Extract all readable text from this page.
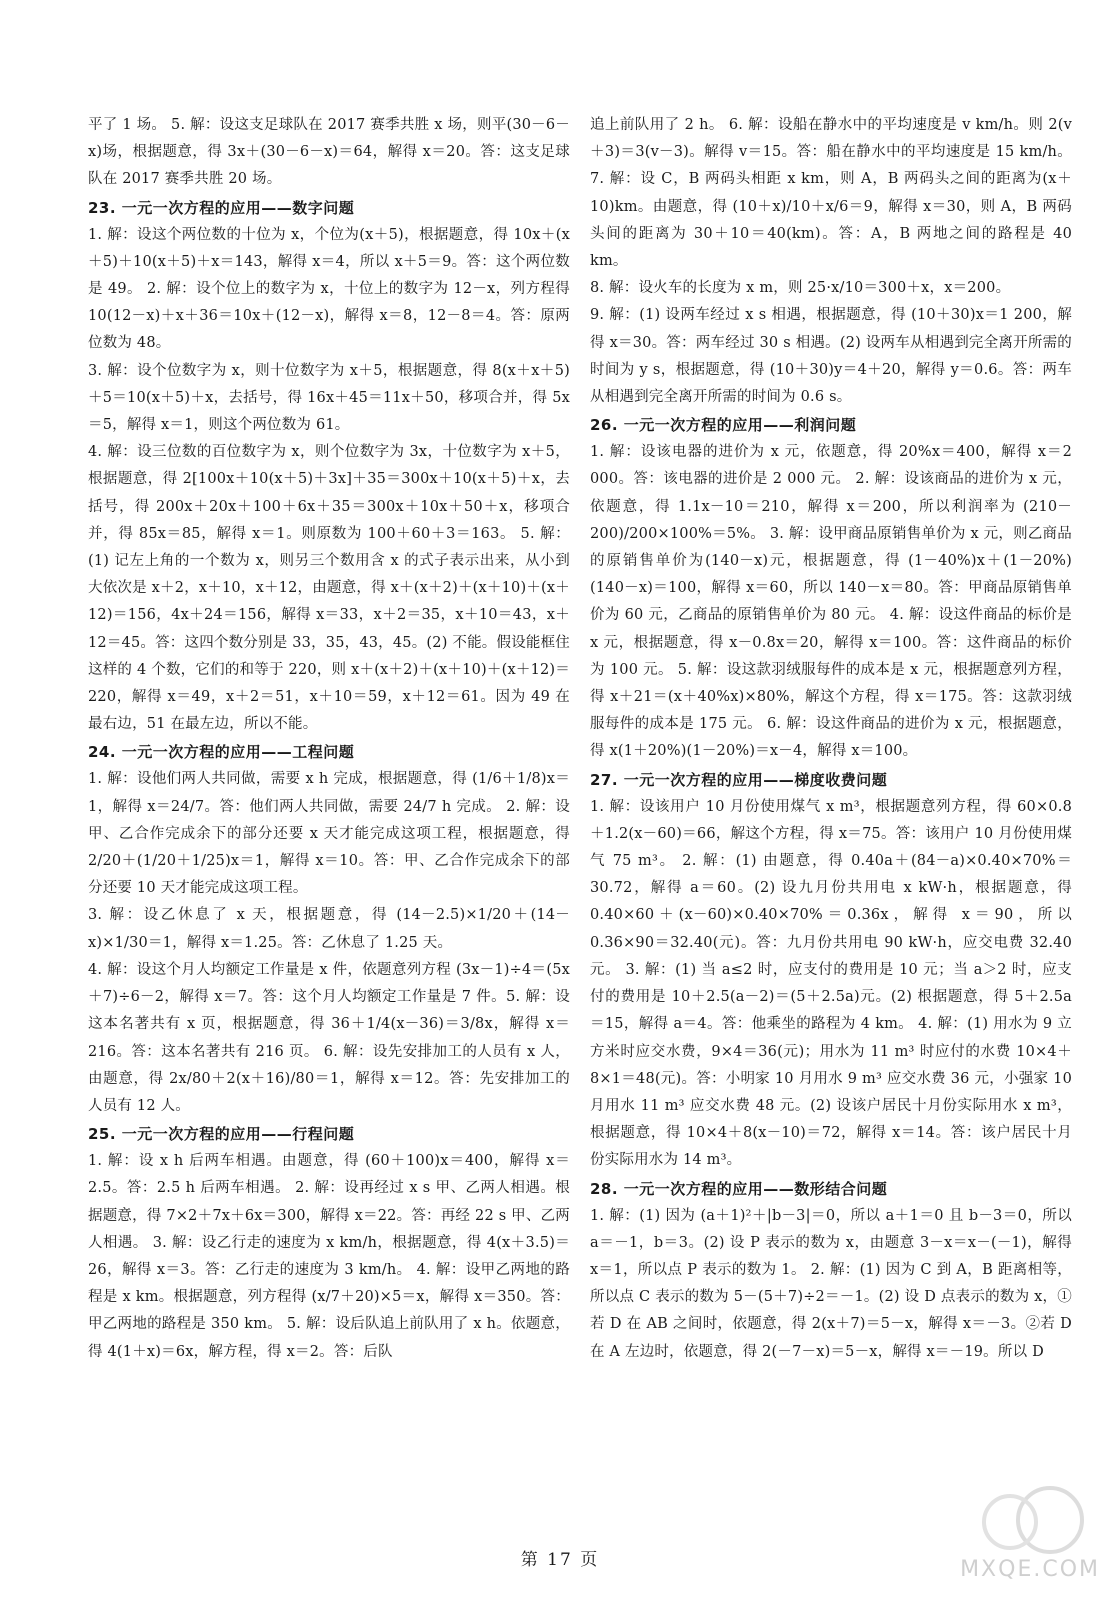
平了 1 场。 5. 解：设这支足球队在 2017 赛季共胜 x 场，则平(30－6－x)场，根据题意，得 3x＋(30－6－x)＝64，解得 x＝20。答：这支足球队在 2017 赛季共胜 20 场。

23. 一元一次方程的应用——数字问题

1. 解：设这个两位数的十位为 x，个位为(x＋5)，根据题意，得 10x＋(x＋5)＋10(x＋5)＋x＝143，解得 x＝4，所以 x＋5＝9。答：这个两位数是 49。 2. 解：设个位上的数字为 x，十位上的数字为 12－x，列方程得 10(12－x)＋x＋36＝10x＋(12－x)，解得 x＝8，12－8＝4。答：原两位数为 48。

3. 解：设个位数字为 x，则十位数字为 x＋5，根据题意，得 8(x＋x＋5)＋5＝10(x＋5)＋x，去括号，得 16x＋45＝11x＋50，移项合并，得 5x＝5，解得 x＝1，则这个两位数为 61。

4. 解：设三位数的百位数字为 x，则个位数字为 3x，十位数字为 x＋5，根据题意，得 2[100x＋10(x＋5)＋3x]＋35＝300x＋10(x＋5)＋x，去括号，得 200x＋20x＋100＋6x＋35＝300x＋10x＋50＋x，移项合并，得 85x＝85，解得 x＝1。则原数为 100＋60＋3＝163。 5. 解：(1) 记左上角的一个数为 x，则另三个数用含 x 的式子表示出来，从小到大依次是 x＋2，x＋10，x＋12，由题意，得 x＋(x＋2)＋(x＋10)＋(x＋12)＝156，4x＋24＝156，解得 x＝33，x＋2＝35，x＋10＝43，x＋12＝45。答：这四个数分别是 33，35，43，45。(2) 不能。假设能框住这样的 4 个数，它们的和等于 220，则 x＋(x＋2)＋(x＋10)＋(x＋12)＝220，解得 x＝49，x＋2＝51，x＋10＝59，x＋12＝61。因为 49 在最右边，51 在最左边，所以不能。

24. 一元一次方程的应用——工程问题

1. 解：设他们两人共同做，需要 x h 完成，根据题意，得 (1/6＋1/8)x＝1，解得 x＝24/7。答：他们两人共同做，需要 24/7 h 完成。 2. 解：设甲、乙合作完成余下的部分还要 x 天才能完成这项工程，根据题意，得 2/20＋(1/20＋1/25)x＝1，解得 x＝10。答：甲、乙合作完成余下的部分还要 10 天才能完成这项工程。

3. 解：设乙休息了 x 天，根据题意，得 (14－2.5)×1/20＋(14－x)×1/30＝1，解得 x＝1.25。答：乙休息了 1.25 天。

4. 解：设这个月人均额定工作量是 x 件，依题意列方程 (3x－1)÷4＝(5x＋7)÷6－2，解得 x＝7。答：这个月人均额定工作量是 7 件。5. 解：设这本名著共有 x 页，根据题意，得 36＋1/4(x－36)＝3/8x，解得 x＝216。答：这本名著共有 216 页。 6. 解：设先安排加工的人员有 x 人，由题意，得 2x/80＋2(x＋16)/80＝1，解得 x＝12。答：先安排加工的人员有 12 人。

25. 一元一次方程的应用——行程问题

1. 解：设 x h 后两车相遇。由题意，得 (60＋100)x＝400，解得 x＝2.5。答：2.5 h 后两车相遇。 2. 解：设再经过 x s 甲、乙两人相遇。根据题意，得 7×2＋7x＋6x＝300，解得 x＝22。答：再经 22 s 甲、乙两人相遇。 3. 解：设乙行走的速度为 x km/h，根据题意，得 4(x＋3.5)＝26，解得 x＝3。答：乙行走的速度为 3 km/h。 4. 解：设甲乙两地的路程是 x km。根据题意，列方程得 (x/7＋20)×5＝x，解得 x＝350。答：甲乙两地的路程是 350 km。 5. 解：设后队追上前队用了 x h。依题意，得 4(1＋x)＝6x，解方程，得 x＝2。答：后队

追上前队用了 2 h。 6. 解：设船在静水中的平均速度是 v km/h。则 2(v＋3)＝3(v－3)。解得 v＝15。答：船在静水中的平均速度是 15 km/h。 7. 解：设 C，B 两码头相距 x km，则 A，B 两码头之间的距离为(x＋10)km。由题意，得 (10＋x)/10＋x/6＝9，解得 x＝30，则 A，B 两码头间的距离为 30＋10＝40(km)。答：A，B 两地之间的路程是 40 km。

8. 解：设火车的长度为 x m，则 25·x/10＝300＋x，x＝200。

9. 解：(1) 设两车经过 x s 相遇，根据题意，得 (10＋30)x＝1 200，解得 x＝30。答：两车经过 30 s 相遇。(2) 设两车从相遇到完全离开所需的时间为 y s，根据题意，得 (10＋30)y＝4＋20，解得 y＝0.6。答：两车从相遇到完全离开所需的时间为 0.6 s。

26. 一元一次方程的应用——利润问题

1. 解：设该电器的进价为 x 元，依题意，得 20%x＝400，解得 x＝2 000。答：该电器的进价是 2 000 元。 2. 解：设该商品的进价为 x 元，依题意，得 1.1x－10＝210，解得 x＝200，所以利润率为 (210－200)/200×100%＝5%。 3. 解：设甲商品原销售单价为 x 元，则乙商品的原销售单价为(140－x)元，根据题意，得 (1－40%)x＋(1－20%)(140－x)＝100，解得 x＝60，所以 140－x＝80。答：甲商品原销售单价为 60 元，乙商品的原销售单价为 80 元。 4. 解：设这件商品的标价是 x 元，根据题意，得 x－0.8x＝20，解得 x＝100。答：这件商品的标价为 100 元。 5. 解：设这款羽绒服每件的成本是 x 元，根据题意列方程，得 x＋21＝(x＋40%x)×80%，解这个方程，得 x＝175。答：这款羽绒服每件的成本是 175 元。 6. 解：设这件商品的进价为 x 元，根据题意，得 x(1＋20%)(1－20%)＝x－4，解得 x＝100。

27. 一元一次方程的应用——梯度收费问题

1. 解：设该用户 10 月份使用煤气 x m³，根据题意列方程，得 60×0.8＋1.2(x－60)＝66，解这个方程，得 x＝75。答：该用户 10 月份使用煤气 75 m³。 2. 解：(1) 由题意，得 0.40a＋(84－a)×0.40×70%＝30.72，解得 a＝60。(2) 设九月份共用电 x kW·h，根据题意，得 0.40×60＋(x－60)×0.40×70%＝0.36x，解得 x＝90，所以 0.36×90＝32.40(元)。答：九月份共用电 90 kW·h，应交电费 32.40 元。 3. 解：(1) 当 a≤2 时，应支付的费用是 10 元；当 a＞2 时，应支付的费用是 10＋2.5(a－2)＝(5＋2.5a)元。(2) 根据题意，得 5＋2.5a＝15，解得 a＝4。答：他乘坐的路程为 4 km。 4. 解：(1) 用水为 9 立方米时应交水费，9×4＝36(元)；用水为 11 m³ 时应付的水费 10×4＋8×1＝48(元)。答：小明家 10 月用水 9 m³ 应交水费 36 元，小强家 10 月用水 11 m³ 应交水费 48 元。(2) 设该户居民十月份实际用水 x m³，根据题意，得 10×4＋8(x－10)＝72，解得 x＝14。答：该户居民十月份实际用水为 14 m³。

28. 一元一次方程的应用——数形结合问题

1. 解：(1) 因为 (a＋1)²＋|b－3|＝0，所以 a＋1＝0 且 b－3＝0，所以 a＝－1，b＝3。(2) 设 P 表示的数为 x，由题意 3－x＝x－(－1)，解得 x＝1，所以点 P 表示的数为 1。 2. 解：(1) 因为 C 到 A，B 距离相等，所以点 C 表示的数为 5－(5＋7)÷2＝－1。(2) 设 D 点表示的数为 x，①若 D 在 AB 之间时，依题意，得 2(x＋7)＝5－x，解得 x＝－3。②若 D 在 A 左边时，依题意，得 2(－7－x)＝5－x，解得 x＝－19。所以 D

第 17 页	MXQE.COM
